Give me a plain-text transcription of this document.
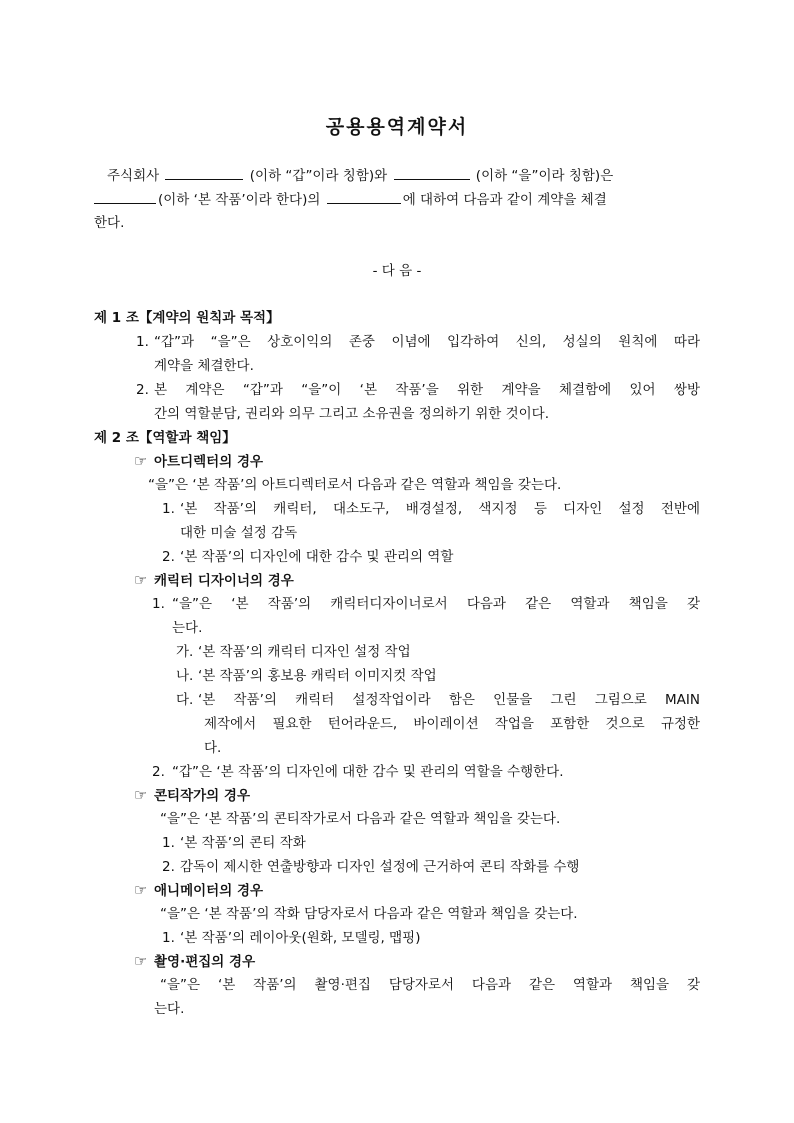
공용용역계약서
주식회사	(이하 “갑”이라 칭함)와	(이하 “을”이라 칭함)은
(이하 ‘본 작품’이라 한다)의	에 대하여 다음과 같이 계약을 체결
한다.
- 다 음 -
제 1 조【계약의 원칙과 목적】
1. “갑”과 “을”은 상호이익의 존중 이념에 입각하여 신의, 성실의 원칙에 따라
계약을 체결한다.
2. 본 계약은 “갑”과 “을”이 ‘본 작품’을 위한 계약을 체결함에 있어 쌍방
간의 역할분담, 권리와 의무 그리고 소유권을 정의하기 위한 것이다.
제 2 조【역할과 책임】
☞ 아트디렉터의 경우
“을”은 ‘본 작품’의 아트디렉터로서 다음과 같은 역할과 책임을 갖는다.
1. ‘본 작품’의 캐릭터, 대소도구, 배경설정, 색지정 등 디자인 설정 전반에
대한 미술 설정 감독
2. ‘본 작품’의 디자인에 대한 감수 및 관리의 역할
☞ 캐릭터 디자이너의 경우
1. “을”은 ‘본 작품’의 캐릭터디자이너로서 다음과 같은 역할과 책임을 갖
는다.
가. ‘본 작품’의 캐릭터 디자인 설정 작업
나. ‘본 작품’의 홍보용 캐릭터 이미지컷 작업
다. ‘본 작품’의 캐릭터 설정작업이라 함은 인물을 그린 그림으로 MAIN
제작에서 필요한 턴어라운드, 바이레이션 작업을 포함한 것으로 규정한
다.
2. “갑”은 ‘본 작품’의 디자인에 대한 감수 및 관리의 역할을 수행한다.
☞ 콘티작가의 경우
“을”은 ‘본 작품’의 콘티작가로서 다음과 같은 역할과 책임을 갖는다.
1. ‘본 작품’의 콘티 작화
2. 감독이 제시한 연출방향과 디자인 설정에 근거하여 콘티 작화를 수행
☞ 애니메이터의 경우
“을”은 ‘본 작품’의 작화 담당자로서 다음과 같은 역할과 책임을 갖는다.
1. ‘본 작품’의 레이아웃(원화, 모델링, 맵핑)
☞ 촬영·편집의 경우
“을”은 ‘본 작품’의 촬영·편집 담당자로서 다음과 같은 역할과 책임을 갖
는다.
